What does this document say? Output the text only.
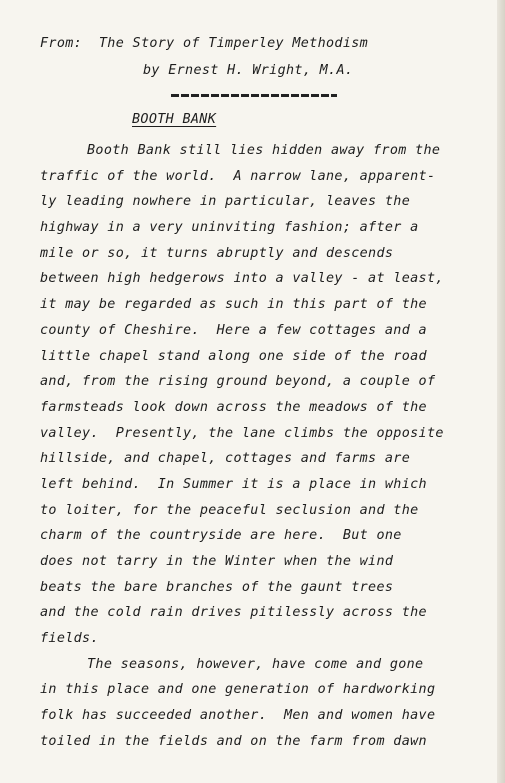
From:  The Story of Timperley Methodism
by Ernest H. Wright, M.A.
BOOTH BANK
Booth Bank still lies hidden away from the
traffic of the world.  A narrow lane, apparent-
ly leading nowhere in particular, leaves the
highway in a very uninviting fashion; after a
mile or so, it turns abruptly and descends
between high hedgerows into a valley - at least,
it may be regarded as such in this part of the
county of Cheshire.  Here a few cottages and a
little chapel stand along one side of the road
and, from the rising ground beyond, a couple of
farmsteads look down across the meadows of the
valley.  Presently, the lane climbs the opposite
hillside, and chapel, cottages and farms are
left behind.  In Summer it is a place in which
to loiter, for the peaceful seclusion and the
charm of the countryside are here.  But one
does not tarry in the Winter when the wind
beats the bare branches of the gaunt trees
and the cold rain drives pitilessly across the
fields.
The seasons, however, have come and gone
in this place and one generation of hardworking
folk has succeeded another.  Men and women have
toiled in the fields and on the farm from dawn
